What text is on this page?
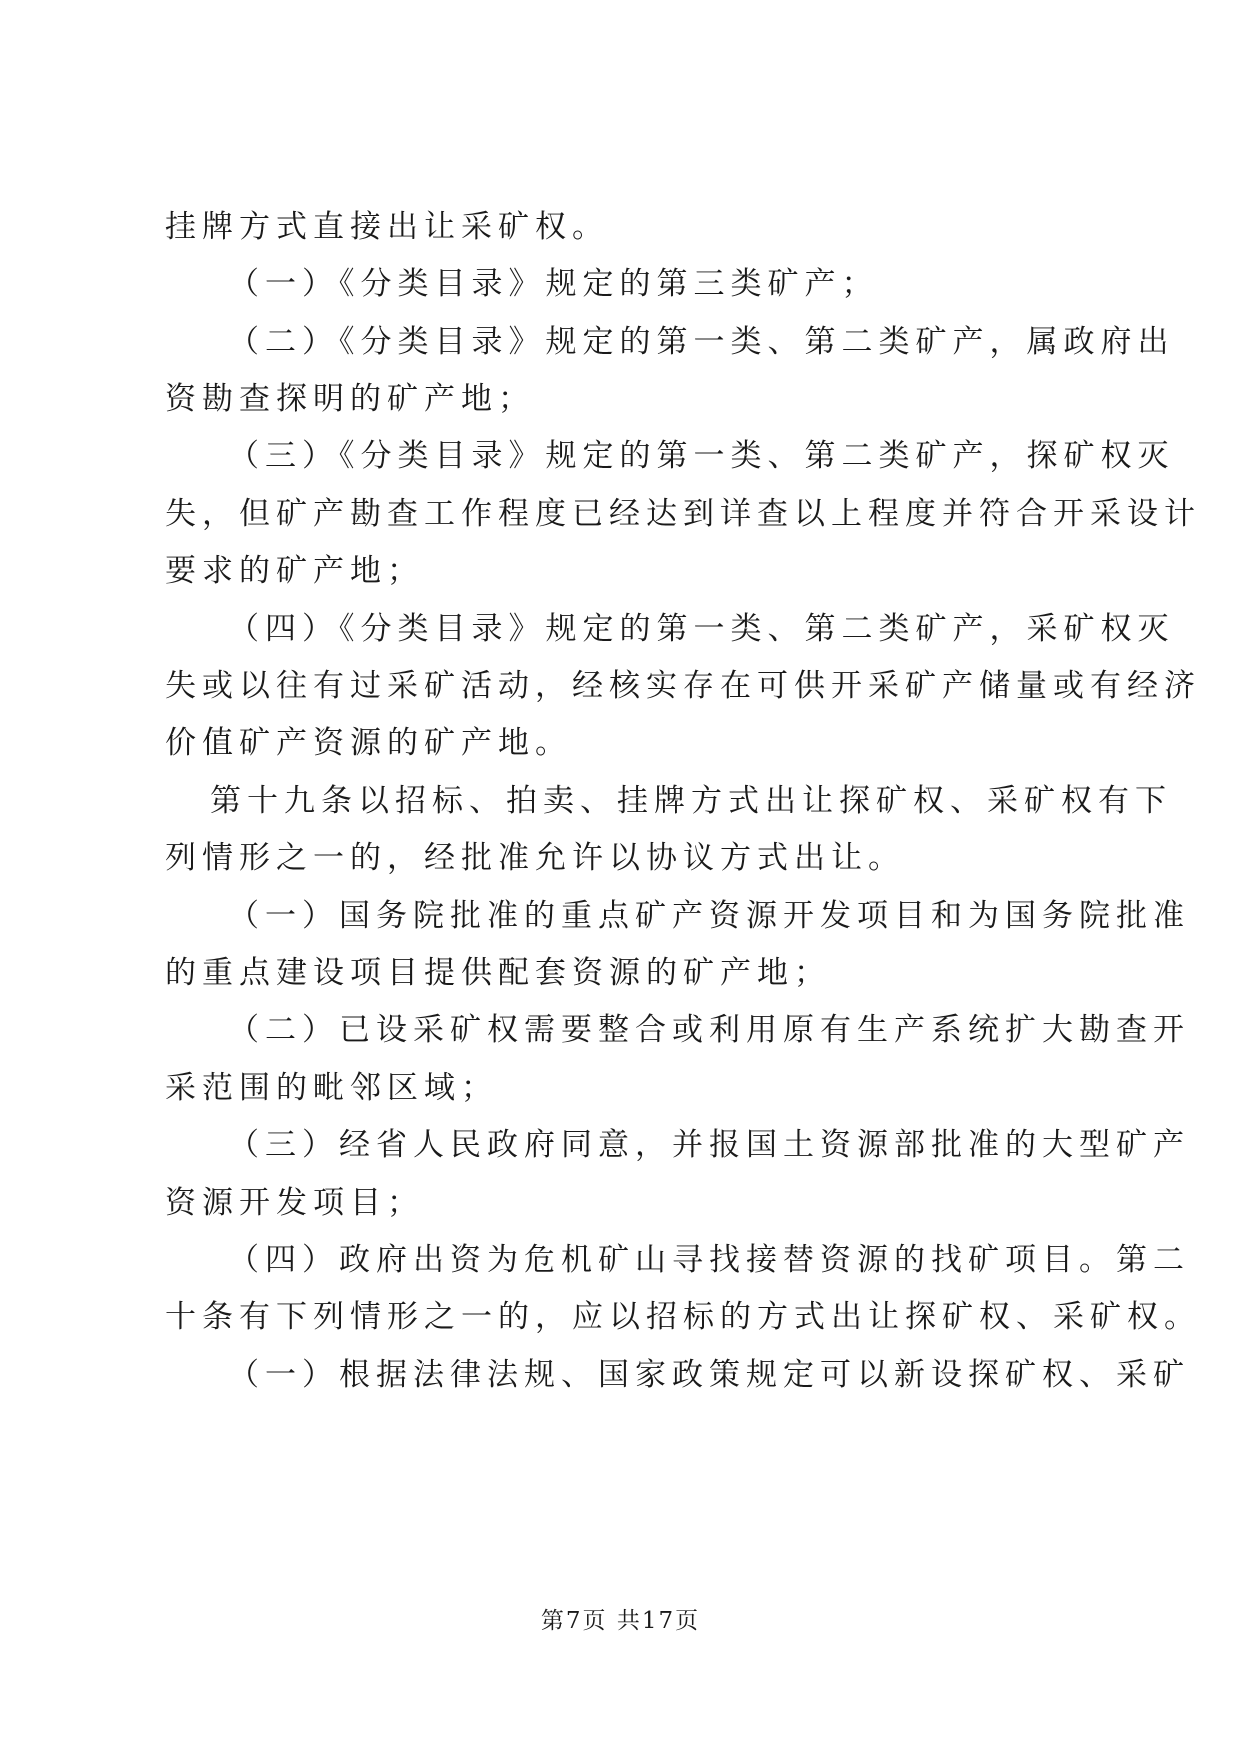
挂牌方式直接出让采矿权。
（一）《分类目录》规定的第三类矿产；
（二）《分类目录》规定的第一类、第二类矿产，属政府出
资勘查探明的矿产地；
（三）《分类目录》规定的第一类、第二类矿产，探矿权灭
失，但矿产勘查工作程度已经达到详查以上程度并符合开采设计
要求的矿产地；
（四）《分类目录》规定的第一类、第二类矿产，采矿权灭
失或以往有过采矿活动，经核实存在可供开采矿产储量或有经济
价值矿产资源的矿产地。
第十九条以招标、拍卖、挂牌方式出让探矿权、采矿权有下
列情形之一的，经批准允许以协议方式出让。
（一）国务院批准的重点矿产资源开发项目和为国务院批准
的重点建设项目提供配套资源的矿产地；
（二）已设采矿权需要整合或利用原有生产系统扩大勘查开
采范围的毗邻区域；
（三）经省人民政府同意，并报国土资源部批准的大型矿产
资源开发项目；
（四）政府出资为危机矿山寻找接替资源的找矿项目。第二
十条有下列情形之一的，应以招标的方式出让探矿权、采矿权。
（一）根据法律法规、国家政策规定可以新设探矿权、采矿
第7页 共17页
